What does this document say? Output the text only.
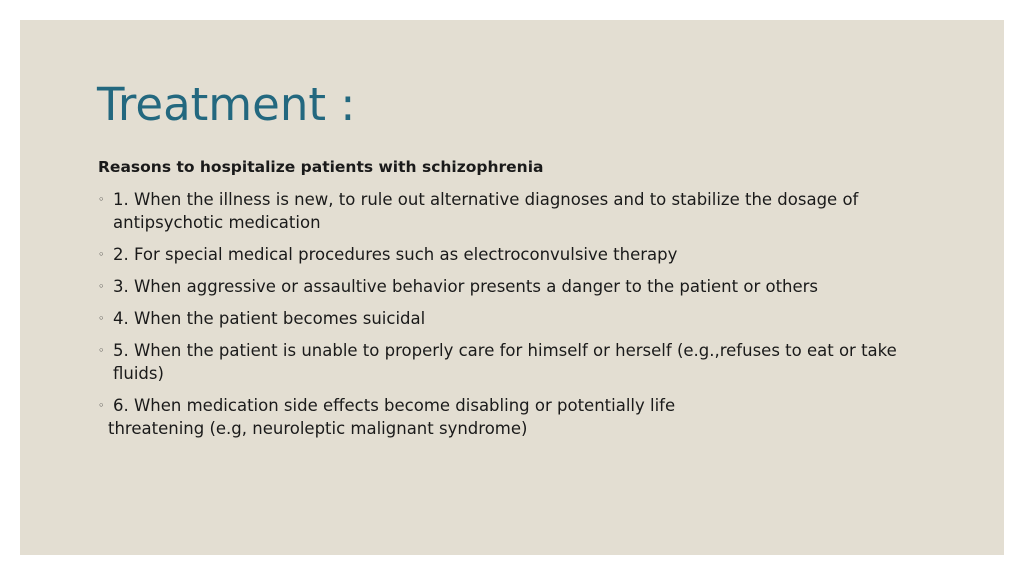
Treatment :
Reasons to hospitalize patients with schizophrenia
◦ 1. When the illness is new, to rule out alternative diagnoses and to stabilize the dosage of antipsychotic medication
◦ 2. For special medical procedures such as electroconvulsive therapy
◦ 3. When aggressive or assaultive behavior presents a danger to the patient or others
◦ 4. When the patient becomes suicidal
◦ 5. When the patient is unable to properly care for himself or herself (e.g.,refuses to eat or take fluids)
◦ 6. When medication side effects become disabling or potentially life
threatening (e.g, neuroleptic malignant syndrome)
